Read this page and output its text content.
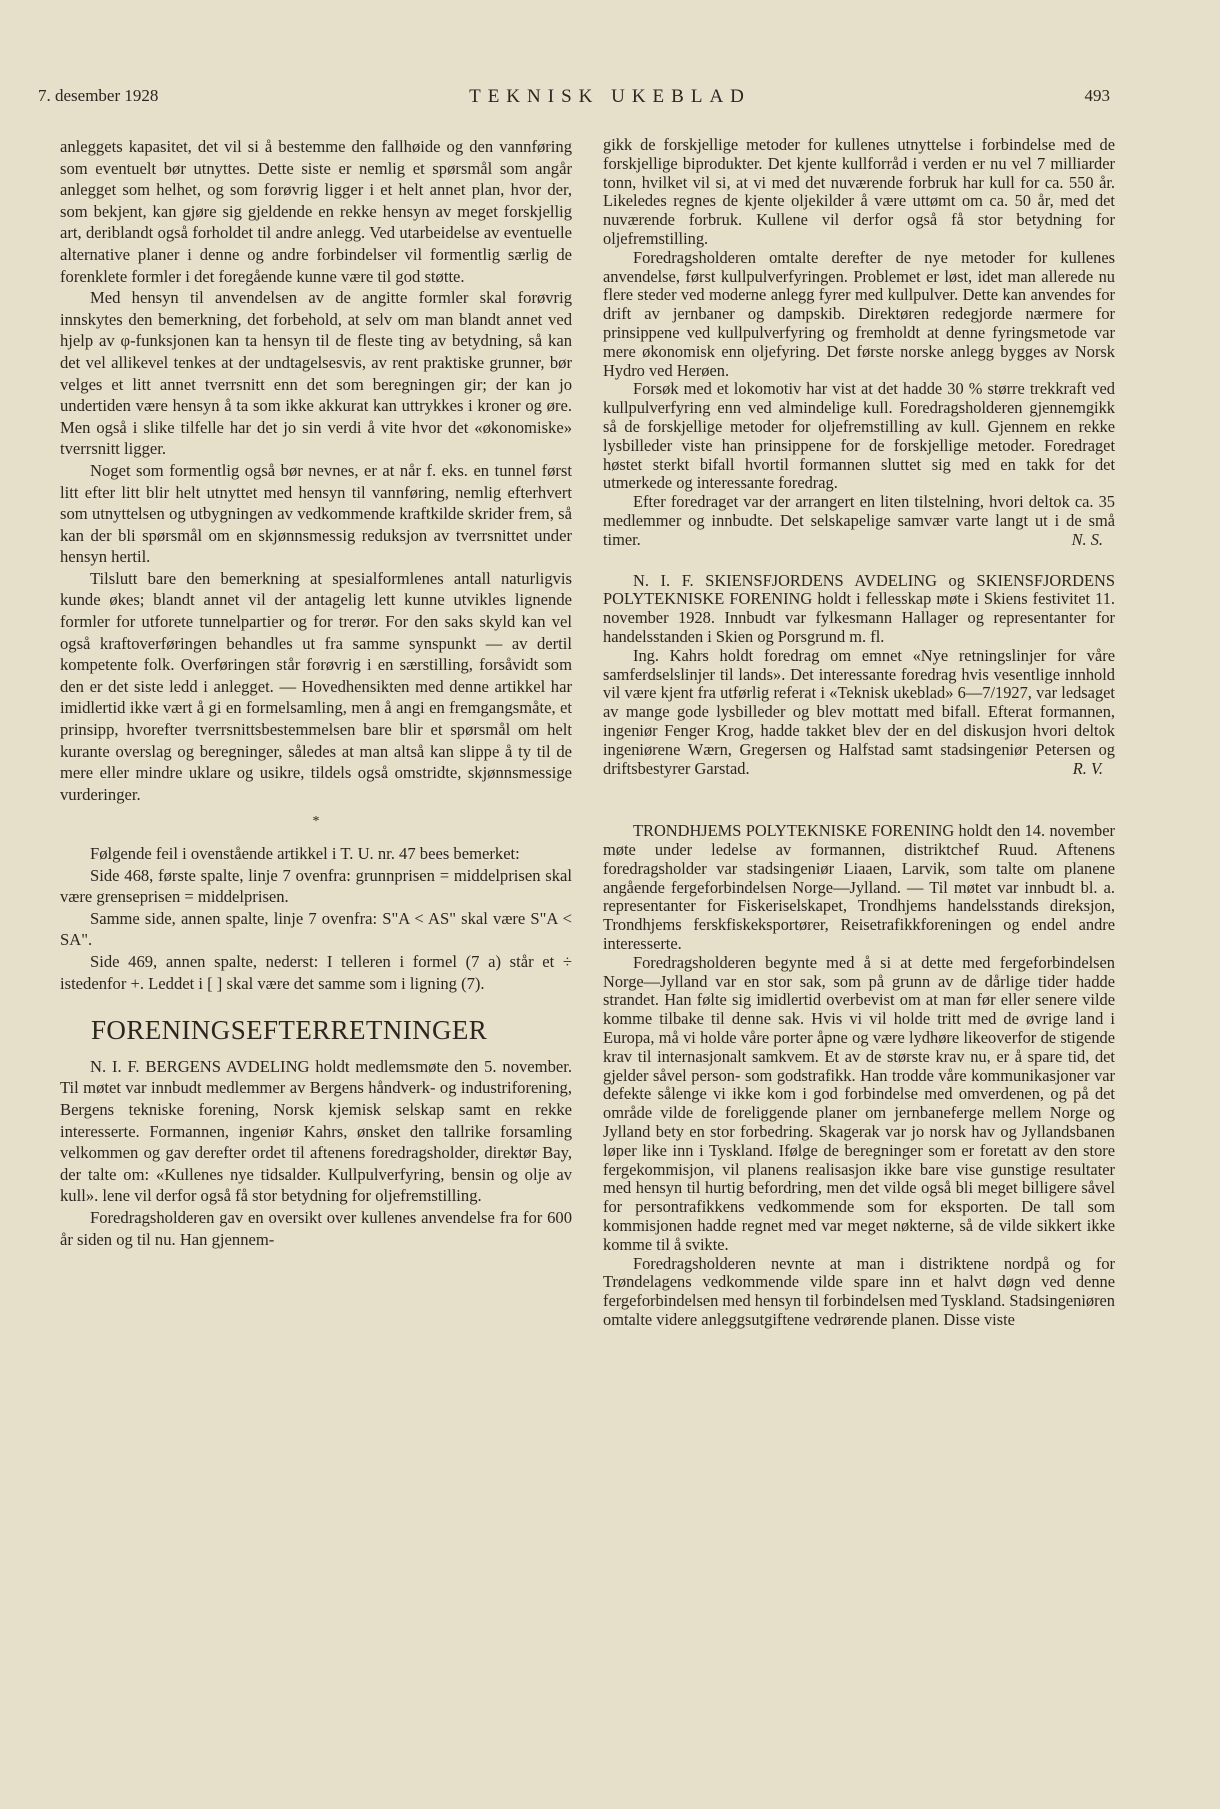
TEKNISK UKEBLAD
7. desember 1928	493

anleggets kapasitet, det vil si å bestemme den fallhøide og den vannføring som eventuelt bør utnyttes. Dette siste er nemlig et spørsmål som angår anlegget som helhet, og som forøvrig ligger i et helt annet plan, hvor der, som bekjent, kan gjøre sig gjeldende en rekke hensyn av meget forskjellig art, deriblandt også forholdet til andre anlegg. Ved utarbeidelse av eventuelle alternative planer i denne og andre forbindelser vil formentlig særlig de forenklete formler i det foregående kunne være til god støtte.

Med hensyn til anvendelsen av de angitte formler skal forøvrig innskytes den bemerkning, det forbehold, at selv om man blandt annet ved hjelp av φ-funksjonen kan ta hensyn til de fleste ting av betydning, så kan det vel allikevel tenkes at der undtagelsesvis, av rent praktiske grunner, bør velges et litt annet tverrsnitt enn det som beregningen gir; der kan jo undertiden være hensyn å ta som ikke akkurat kan uttrykkes i kroner og øre. Men også i slike tilfelle har det jo sin verdi å vite hvor det «økonomiske» tverrsnitt ligger.

Noget som formentlig også bør nevnes, er at når f. eks. en tunnel først litt efter litt blir helt utnyttet med hensyn til vannføring, nemlig efterhvert som utnyttelsen og utbygningen av vedkommende kraftkilde skrider frem, så kan der bli spørsmål om en skjønnsmessig reduksjon av tverrsnittet under hensyn hertil.

Tilslutt bare den bemerkning at spesialformlenes antall naturligvis kunde økes; blandt annet vil der antagelig lett kunne utvikles lignende formler for utforete tunnelpartier og for trerør. For den saks skyld kan vel også kraftoverføringen behandles ut fra samme synspunkt — av dertil kompetente folk. Overføringen står forøvrig i en særstilling, forsåvidt som den er det siste ledd i anlegget. — Hovedhensikten med denne artikkel har imidlertid ikke vært å gi en formelsamling, men å angi en fremgangsmåte, et prinsipp, hvorefter tverrsnittsbestemmelsen bare blir et spørsmål om helt kurante overslag og beregninger, således at man altså kan slippe å ty til de mere eller mindre uklare og usikre, tildels også omstridte, skjønnsmessige vurderinger.

*

Følgende feil i ovenstående artikkel i T. U. nr. 47 bees bemerket:

Side 468, første spalte, linje 7 ovenfra: grunnprisen = middelprisen skal være grenseprisen = middelprisen.

Samme side, annen spalte, linje 7 ovenfra: S"A < AS" skal være S"A < SA".

Side 469, annen spalte, nederst: I telleren i formel (7 a) står et ÷ istedenfor +. Leddet i [ ] skal være det samme som i ligning (7).

FORENINGSEFTERRETNINGER

N. I. F. BERGENS AVDELING holdt medlemsmøte den 5. november. Til møtet var innbudt medlemmer av Bergens håndverk- og industriforening, Bergens tekniske forening, Norsk kjemisk selskap samt en rekke interesserte. Formannen, ingeniør Kahrs, ønsket den tallrike forsamling velkommen og gav derefter ordet til aftenens foredragsholder, direktør Bay, der talte om: «Kullenes nye tidsalder. Kullpulverfyring, bensin og olje av kull». lene vil derfor også få stor betydning for oljefremstilling.

Foredragsholderen gav en oversikt over kullenes anvendelse fra for 600 år siden og til nu. Han gjennem-

gikk de forskjellige metoder for kullenes utnyttelse i forbindelse med de forskjellige biprodukter. Det kjente kullforråd i verden er nu vel 7 milliarder tonn, hvilket vil si, at vi med det nuværende forbruk har kull for ca. 550 år. Likeledes regnes de kjente oljekilder å være uttømt om ca. 50 år, med det nuværende forbruk. Kullene vil derfor også få stor betydning for oljefremstilling.

Foredragsholderen omtalte derefter de nye metoder for kullenes anvendelse, først kullpulverfyringen. Problemet er løst, idet man allerede nu flere steder ved moderne anlegg fyrer med kullpulver. Dette kan anvendes for drift av jernbaner og dampskib. Direktøren redegjorde nærmere for prinsippene ved kullpulverfyring og fremholdt at denne fyringsmetode var mere økonomisk enn oljefyring. Det første norske anlegg bygges av Norsk Hydro ved Herøen.

Forsøk med et lokomotiv har vist at det hadde 30 % større trekkraft ved kullpulverfyring enn ved almindelige kull. Foredragsholderen gjennemgikk så de forskjellige metoder for oljefremstilling av kull. Gjennem en rekke lysbilleder viste han prinsippene for de forskjellige metoder. Foredraget høstet sterkt bifall hvortil formannen sluttet sig med en takk for det utmerkede og interessante foredrag.

Efter foredraget var der arrangert en liten tilstelning, hvori deltok ca. 35 medlemmer og innbudte. Det selskapelige samvær varte langt ut i de små timer.	N. S.

N. I. F. SKIENSFJORDENS AVDELING og SKIENSFJORDENS POLYTEKNISKE FORENING holdt i fellesskap møte i Skiens festivitet 11. november 1928. Innbudt var fylkesmann Hallager og representanter for handelsstanden i Skien og Porsgrund m. fl.

Ing. Kahrs holdt foredrag om emnet «Nye retningslinjer for våre samferdselslinjer til lands». Det interessante foredrag hvis vesentlige innhold vil være kjent fra utførlig referat i «Teknisk ukeblad» 6—7/1927, var ledsaget av mange gode lysbilleder og blev mottatt med bifall. Efterat formannen, ingeniør Fenger Krog, hadde takket blev der en del diskusjon hvori deltok ingeniørene Wærn, Gregersen og Halfstad samt stadsingeniør Petersen og driftsbestyrer Garstad.	R. V.

TRONDHJEMS POLYTEKNISKE FORENING holdt den 14. november møte under ledelse av formannen, distriktchef Ruud. Aftenens foredragsholder var stadsingeniør Liaaen, Larvik, som talte om planene angående fergeforbindelsen Norge—Jylland. — Til møtet var innbudt bl. a. representanter for Fiskeriselskapet, Trondhjems handelsstands direksjon, Trondhjems ferskfiskeksportører, Reisetrafikkforeningen og endel andre interesserte.

Foredragsholderen begynte med å si at dette med fergeforbindelsen Norge—Jylland var en stor sak, som på grunn av de dårlige tider hadde strandet. Han følte sig imidlertid overbevist om at man før eller senere vilde komme tilbake til denne sak. Hvis vi vil holde tritt med de øvrige land i Europa, må vi holde våre porter åpne og være lydhøre likeoverfor de stigende krav til internasjonalt samkvem. Et av de største krav nu, er å spare tid, det gjelder såvel person- som godstrafikk. Han trodde våre kommunikasjoner var defekte sålenge vi ikke kom i god forbindelse med omverdenen, og på det område vilde de foreliggende planer om jernbaneferge mellem Norge og Jylland bety en stor forbedring. Skagerak var jo norsk hav og Jyllandsbanen løper like inn i Tyskland. Ifølge de beregninger som er foretatt av den store fergekommisjon, vil planens realisasjon ikke bare vise gunstige resultater med hensyn til hurtig befordring, men det vilde også bli meget billigere såvel for persontrafikkens vedkommende som for eksporten. De tall som kommisjonen hadde regnet med var meget nøkterne, så de vilde sikkert ikke komme til å svikte.

Foredragsholderen nevnte at man i distriktene nordpå og for Trøndelagens vedkommende vilde spare inn et halvt døgn ved denne fergeforbindelsen med hensyn til forbindelsen med Tyskland. Stadsingeniøren omtalte videre anleggsutgiftene vedrørende planen. Disse viste
